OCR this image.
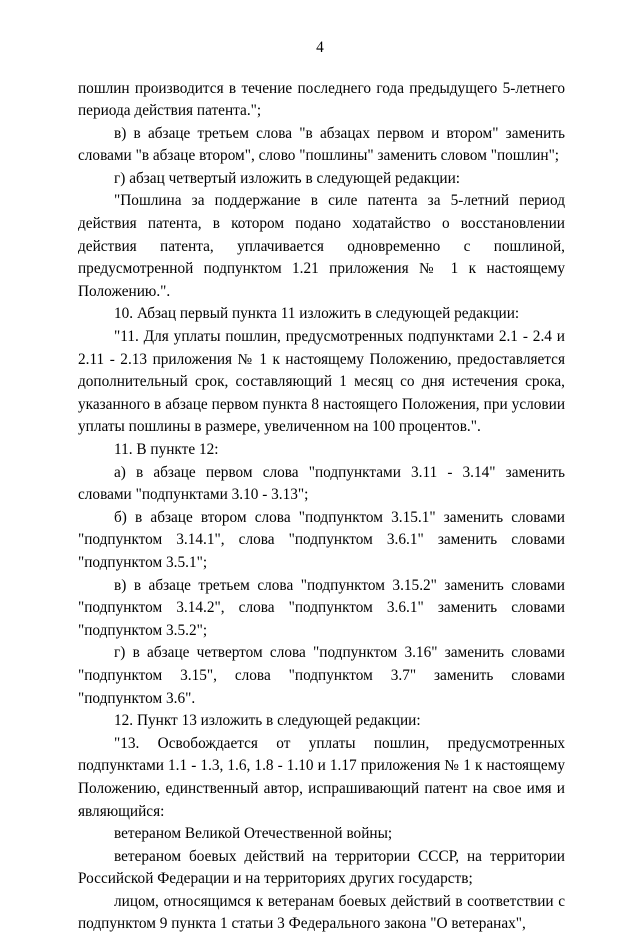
4

пошлин производится в течение последнего года предыдущего 5-летнего периода действия патента.";

в) в абзаце третьем слова "в абзацах первом и втором" заменить словами "в абзаце втором", слово "пошлины" заменить словом "пошлин";

г) абзац четвертый изложить в следующей редакции:

"Пошлина за поддержание в силе патента за 5-летний период действия патента, в котором подано ходатайство о восстановлении действия патента, уплачивается одновременно с пошлиной, предусмотренной подпунктом 1.21 приложения № 1 к настоящему Положению.".

10. Абзац первый пункта 11 изложить в следующей редакции:

"11. Для уплаты пошлин, предусмотренных подпунктами 2.1 - 2.4 и 2.11 - 2.13 приложения № 1 к настоящему Положению, предоставляется дополнительный срок, составляющий 1 месяц со дня истечения срока, указанного в абзаце первом пункта 8 настоящего Положения, при условии уплаты пошлины в размере, увеличенном на 100 процентов.".

11. В пункте 12:

а) в абзаце первом слова "подпунктами 3.11 - 3.14" заменить словами "подпунктами 3.10 - 3.13";

б) в абзаце втором слова "подпунктом 3.15.1" заменить словами "подпунктом 3.14.1", слова "подпунктом 3.6.1" заменить словами "подпунктом 3.5.1";

в) в абзаце третьем слова "подпунктом 3.15.2" заменить словами "подпунктом 3.14.2", слова "подпунктом 3.6.1" заменить словами "подпунктом 3.5.2";

г) в абзаце четвертом слова "подпунктом 3.16" заменить словами "подпунктом 3.15", слова "подпунктом 3.7" заменить словами "подпунктом 3.6".

12. Пункт 13 изложить в следующей редакции:

"13. Освобождается от уплаты пошлин, предусмотренных подпунктами 1.1 - 1.3, 1.6, 1.8 - 1.10 и 1.17 приложения № 1 к настоящему Положению, единственный автор, испрашивающий патент на свое имя и являющийся:

ветераном Великой Отечественной войны;

ветераном боевых действий на территории СССР, на территории Российской Федерации и на территориях других государств;

лицом, относящимся к ветеранам боевых действий в соответствии с подпунктом 9 пункта 1 статьи 3 Федерального закона "О ветеранах",
